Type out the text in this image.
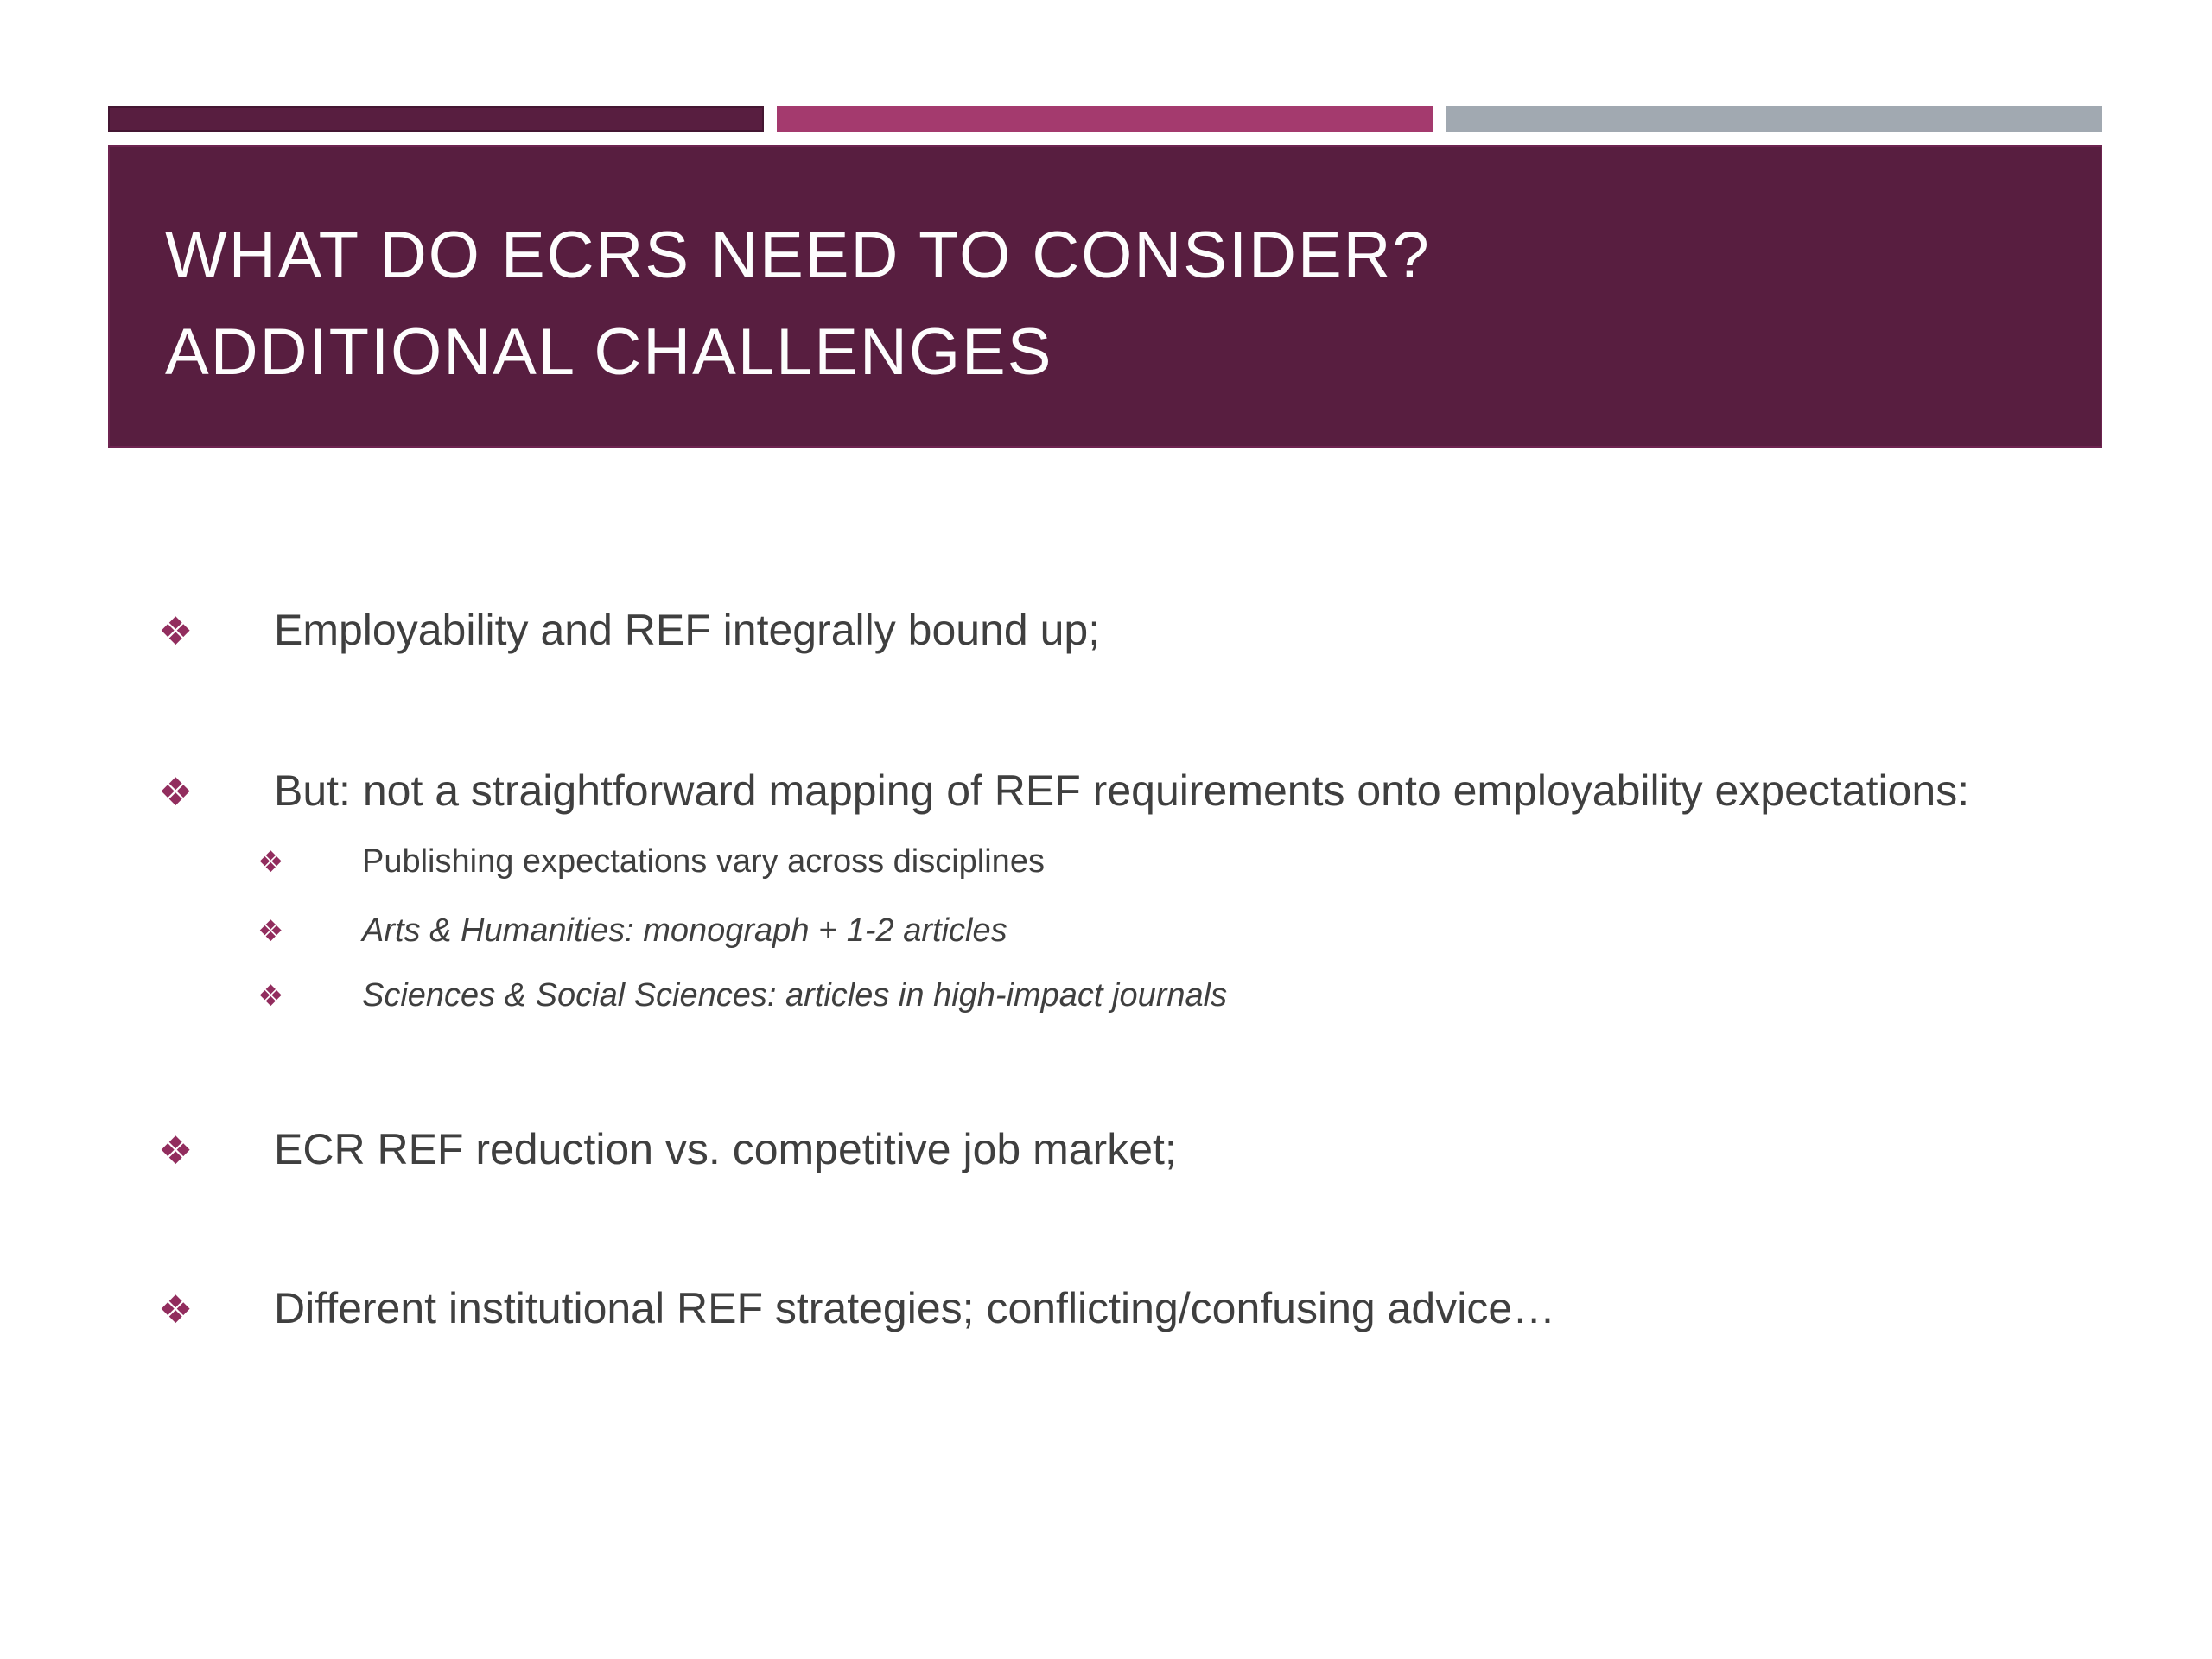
WHAT DO ECRS NEED TO CONSIDER?
ADDITIONAL CHALLENGES
❖	Employability and REF integrally bound up;
❖	But: not a straightforward mapping of REF requirements onto employability expectations:
❖	Publishing expectations vary across disciplines
❖	Arts & Humanities: monograph + 1-2 articles
❖	Sciences & Social Sciences: articles in high-impact journals
❖	ECR REF reduction vs. competitive job market;
❖	Different institutional REF strategies; conflicting/confusing advice…
